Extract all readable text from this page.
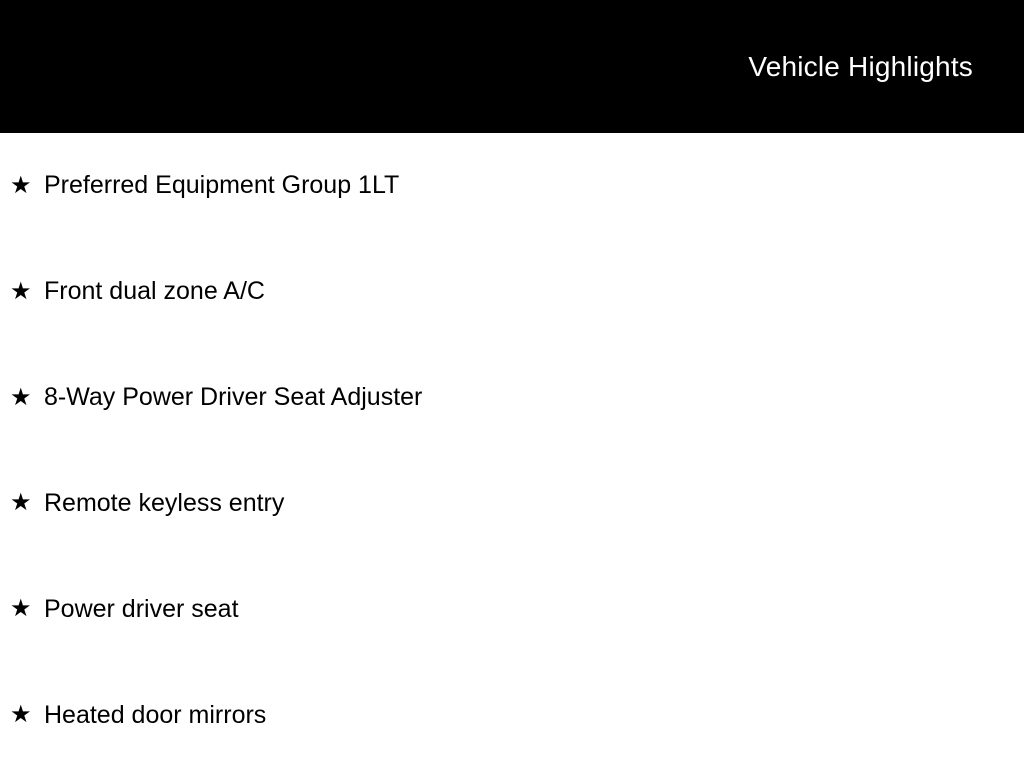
Vehicle Highlights
★ Preferred Equipment Group 1LT
★ Front dual zone A/C
★ 8-Way Power Driver Seat Adjuster
★ Remote keyless entry
★ Power driver seat
★ Heated door mirrors
